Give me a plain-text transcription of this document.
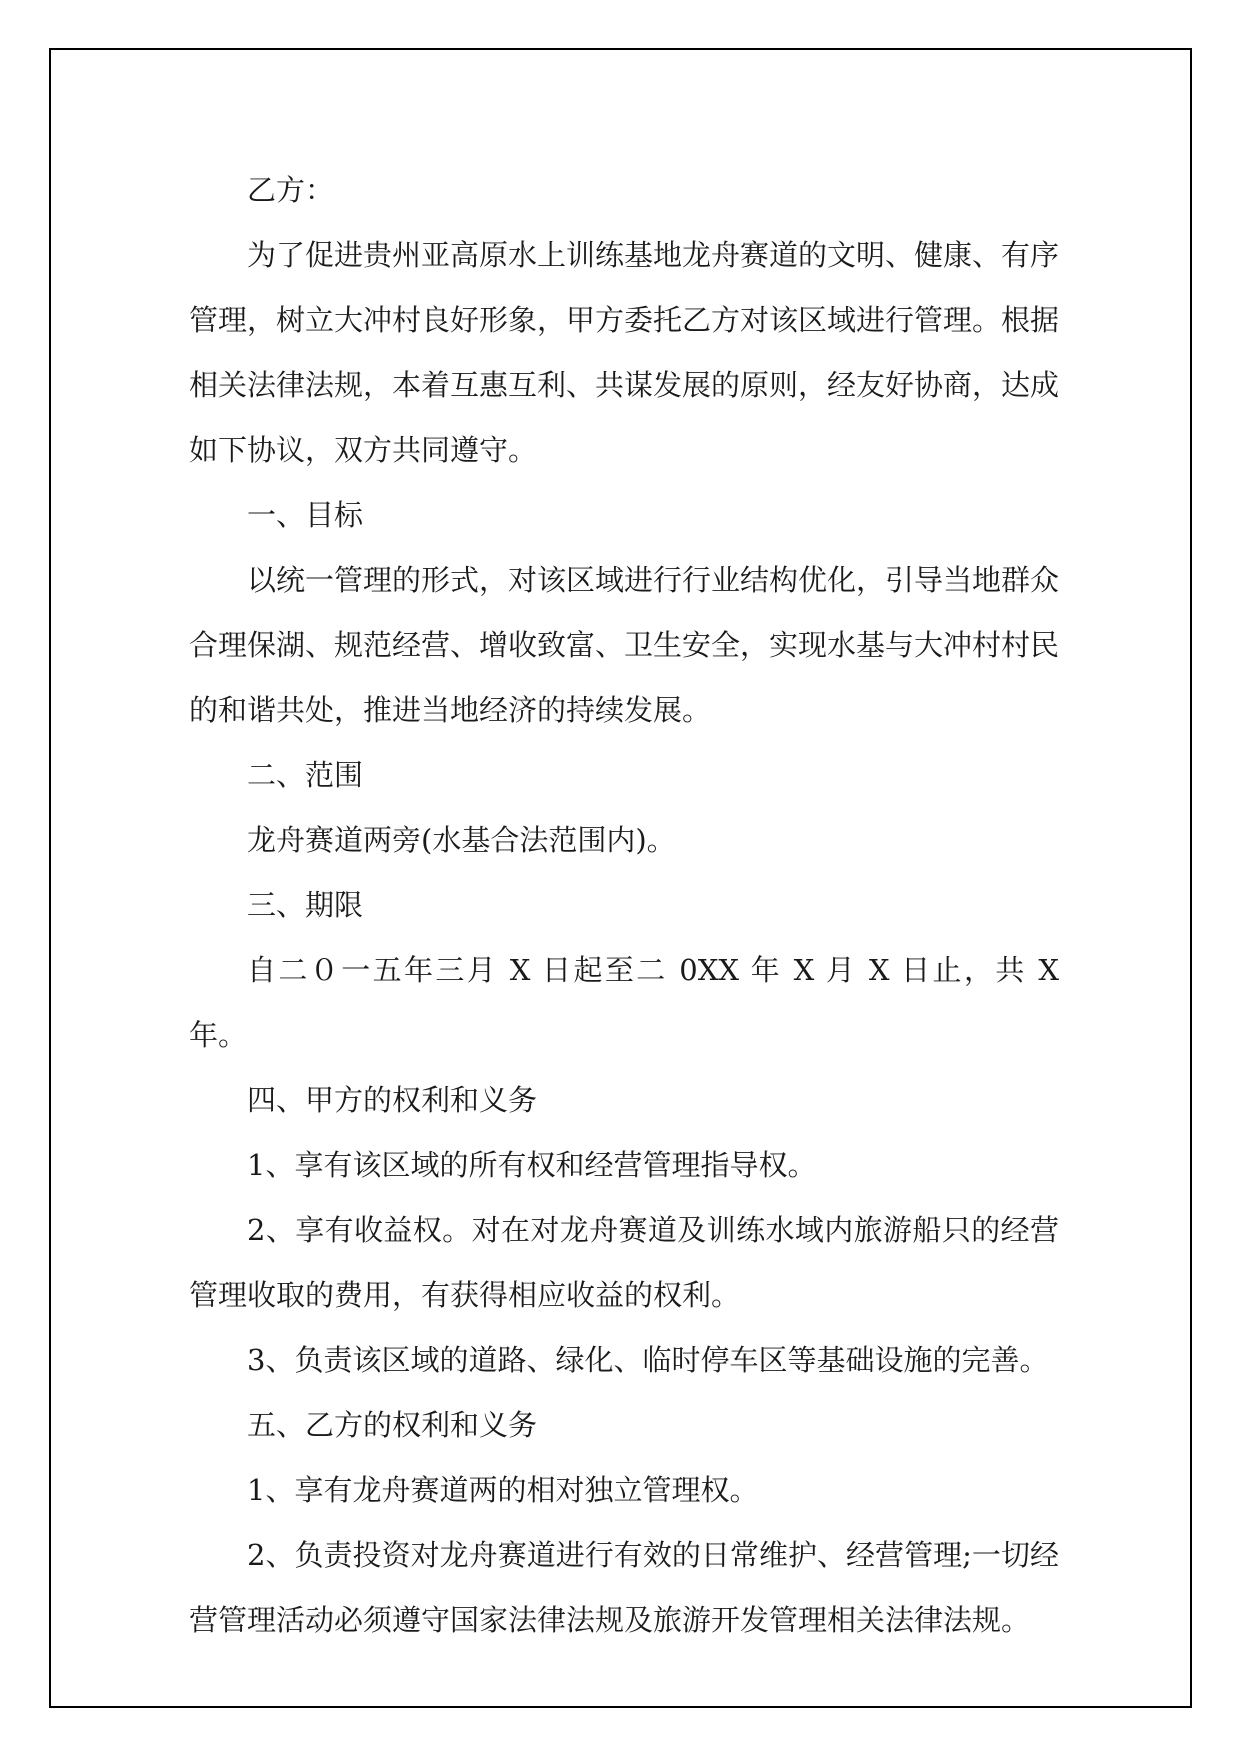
乙方：

为了促进贵州亚高原水上训练基地龙舟赛道的文明、健康、有序管理，树立大冲村良好形象，甲方委托乙方对该区域进行管理。根据相关法律法规，本着互惠互利、共谋发展的原则，经友好协商，达成如下协议，双方共同遵守。

一、目标

以统一管理的形式，对该区域进行行业结构优化，引导当地群众合理保湖、规范经营、增收致富、卫生安全，实现水基与大冲村村民的和谐共处，推进当地经济的持续发展。

二、范围

龙舟赛道两旁(水基合法范围内)。

三、期限

自二０一五年三月 X 日起至二 0XX 年 X 月 X 日止，共 X 年。

四、甲方的权利和义务

1、享有该区域的所有权和经营管理指导权。

2、享有收益权。对在对龙舟赛道及训练水域内旅游船只的经营管理收取的费用，有获得相应收益的权利。

3、负责该区域的道路、绿化、临时停车区等基础设施的完善。

五、乙方的权利和义务

1、享有龙舟赛道两的相对独立管理权。

2、负责投资对龙舟赛道进行有效的日常维护、经营管理;一切经营管理活动必须遵守国家法律法规及旅游开发管理相关法律法规。
